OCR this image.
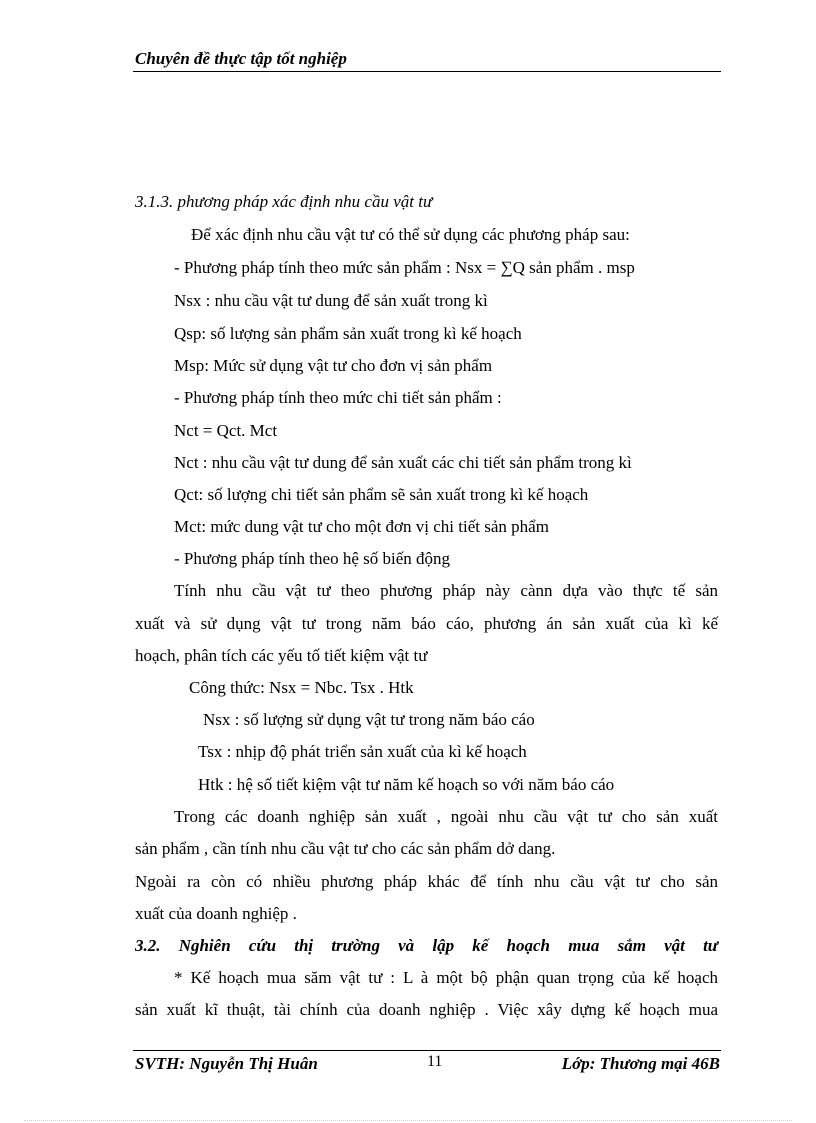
Chuyên đề thực tập tốt nghiệp
3.1.3. phương pháp xác định nhu cầu vật tư
Để xác định nhu cầu vật tư có thể sử dụng các phương pháp sau:
- Phương pháp tính theo mức sản phẩm : Nsx = ∑Q sản phẩm . msp
Nsx : nhu cầu vật tư dung để sản xuất trong kì
Qsp: số lượng sản phẩm sản xuất trong kì kế hoạch
Msp: Mức sử dụng vật tư cho đơn vị sản phẩm
- Phương pháp tính theo mức chi tiết sản phẩm :
Nct = Qct. Mct
Nct : nhu cầu vật tư dung để sản xuất các chi tiết sản phẩm trong kì
Qct: số lượng chi tiết sản phẩm sẽ sản xuất trong kì kế hoạch
Mct: mức dung vật tư cho một đơn vị chi tiết sản phẩm
- Phương pháp tính theo hệ số biến động
Tính nhu cầu vật tư theo phương pháp này cànn dựa vào thực tế sản
xuất và sử dụng vật tư trong năm báo cáo, phương án sản xuất của kì kế
hoạch, phân tích các yếu tố tiết kiệm vật tư
Công thức: Nsx = Nbc. Tsx . Htk
Nsx : số lượng sử dụng vật tư trong năm báo cáo
Tsx : nhịp độ phát triển sản xuất của kì kế hoạch
Htk : hệ số tiết kiệm vật tư năm kế hoạch so với năm báo cáo
Trong các doanh nghiệp sản xuất , ngoài nhu cầu vật tư cho sản xuất
sản phẩm , cần tính nhu cầu vật tư cho các sản phẩm dở dang.
Ngoài ra còn có nhiều phương pháp khác để tính nhu cầu vật tư cho sản
xuất của doanh nghiệp .
3.2. Nghiên cứu thị trường và lập kế hoạch mua sắm vật tư
* Kế hoạch mua săm vật tư : L à một bộ phận quan trọng của kế hoạch
sản xuất kĩ thuật, tài chính của doanh nghiệp . Việc xây dựng kế hoạch mua
SVTH: Nguyễn Thị Huân	11	Lớp: Thương mại 46B
